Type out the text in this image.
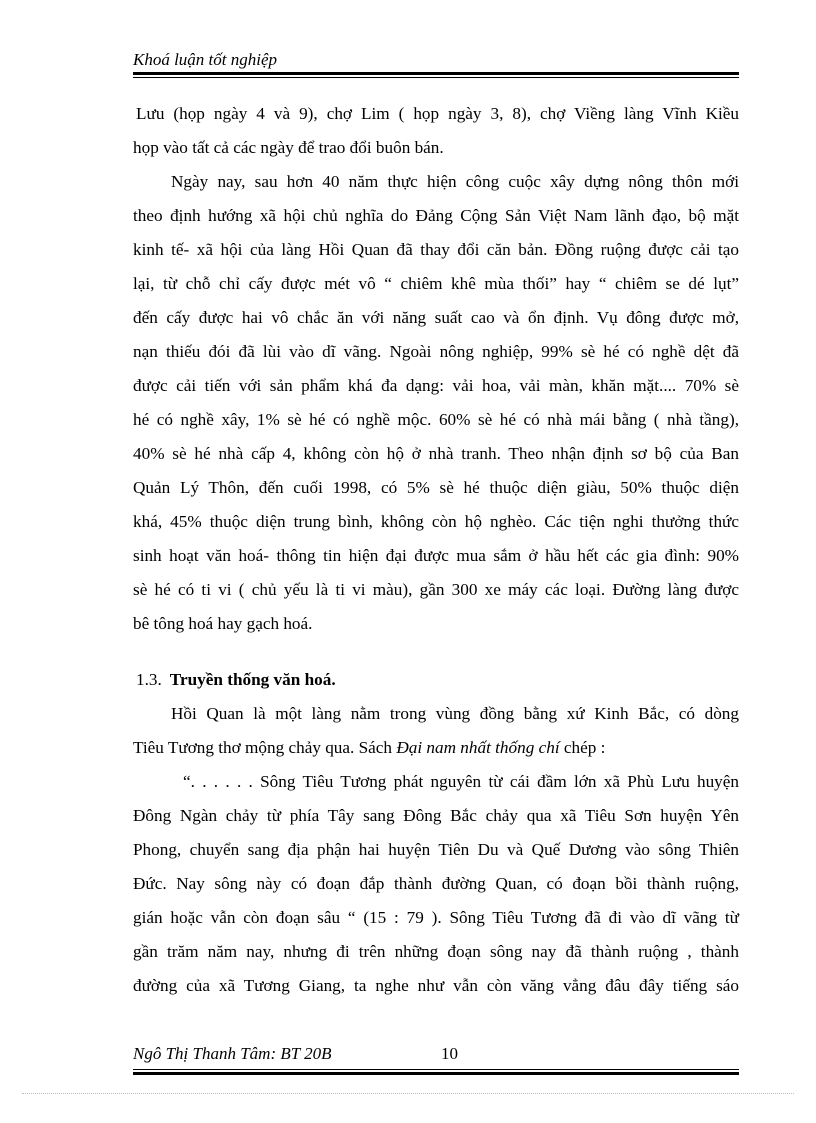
Khoá luận tốt nghiệp
Lưu (họp ngày 4 và 9), chợ Lim ( họp ngày 3, 8), chợ Viềng làng Vĩnh Kiều
họp vào tất cả các ngày để trao đổi buôn bán.
Ngày nay, sau hơn 40 năm thực hiện công cuộc xây dựng nông thôn mới
theo định hướng xã hội chủ nghĩa do Đảng Cộng Sản Việt Nam lãnh đạo, bộ mặt
kinh tế- xã hội của làng Hồi Quan đã thay đổi căn bản. Đồng ruộng được cải tạo
lại, từ chỗ chỉ cấy được mét vô “ chiêm khê mùa thối” hay “ chiêm se dé lụt”
đến cấy được hai vô chắc ăn với năng suất cao và ổn định. Vụ đông được mở,
nạn thiếu đói đã lùi vào dĩ vãng. Ngoài nông nghiệp, 99% sè hé có nghề dệt đã
được cải tiến với sản phẩm khá đa dạng: vải hoa, vải màn, khăn mặt.... 70% sè
hé có nghề xây, 1% sè hé có nghề mộc. 60% sè hé có nhà mái bằng ( nhà tầng),
40% sè hé nhà cấp 4, không còn hộ ở nhà tranh. Theo nhận định sơ bộ của Ban
Quản Lý Thôn, đến cuối 1998, có 5% sè hé thuộc diện giàu, 50% thuộc diện
khá, 45% thuộc diện trung bình, không còn hộ nghèo. Các tiện nghi thưởng thức
sinh hoạt văn hoá- thông tin hiện đại được mua sắm ở hầu hết các gia đình: 90%
sè hé có ti vi ( chủ yếu là ti vi màu), gần 300 xe máy các loại. Đường làng được
bê tông hoá hay gạch hoá.
1.3. Truyền thống văn hoá.
Hồi Quan là một làng nằm trong vùng đồng bằng xứ Kinh Bắc, có dòng
Tiêu Tương thơ mộng chảy qua. Sách Đại nam nhất thống chí chép :
“. . . . . . Sông Tiêu Tương phát nguyên từ cái đầm lớn xã Phù Lưu huyện
Đông Ngàn chảy từ phía Tây sang Đông Bắc chảy qua xã Tiêu Sơn huyện Yên
Phong, chuyển sang địa phận hai huyện Tiên Du và Quế Dương vào sông Thiên
Đức. Nay sông này có đoạn đắp thành đường Quan, có đoạn bồi thành ruộng,
gián hoặc vẫn còn đoạn sâu “ (15 : 79 ). Sông Tiêu Tương đã đi vào dĩ vãng từ
gần trăm năm nay, nhưng đi trên những đoạn sông nay đã thành ruộng , thành
đường của xã Tương Giang, ta nghe như vẫn còn văng vẳng đâu đây tiếng sáo
Ngô Thị Thanh Tâm: BT 20B	10
